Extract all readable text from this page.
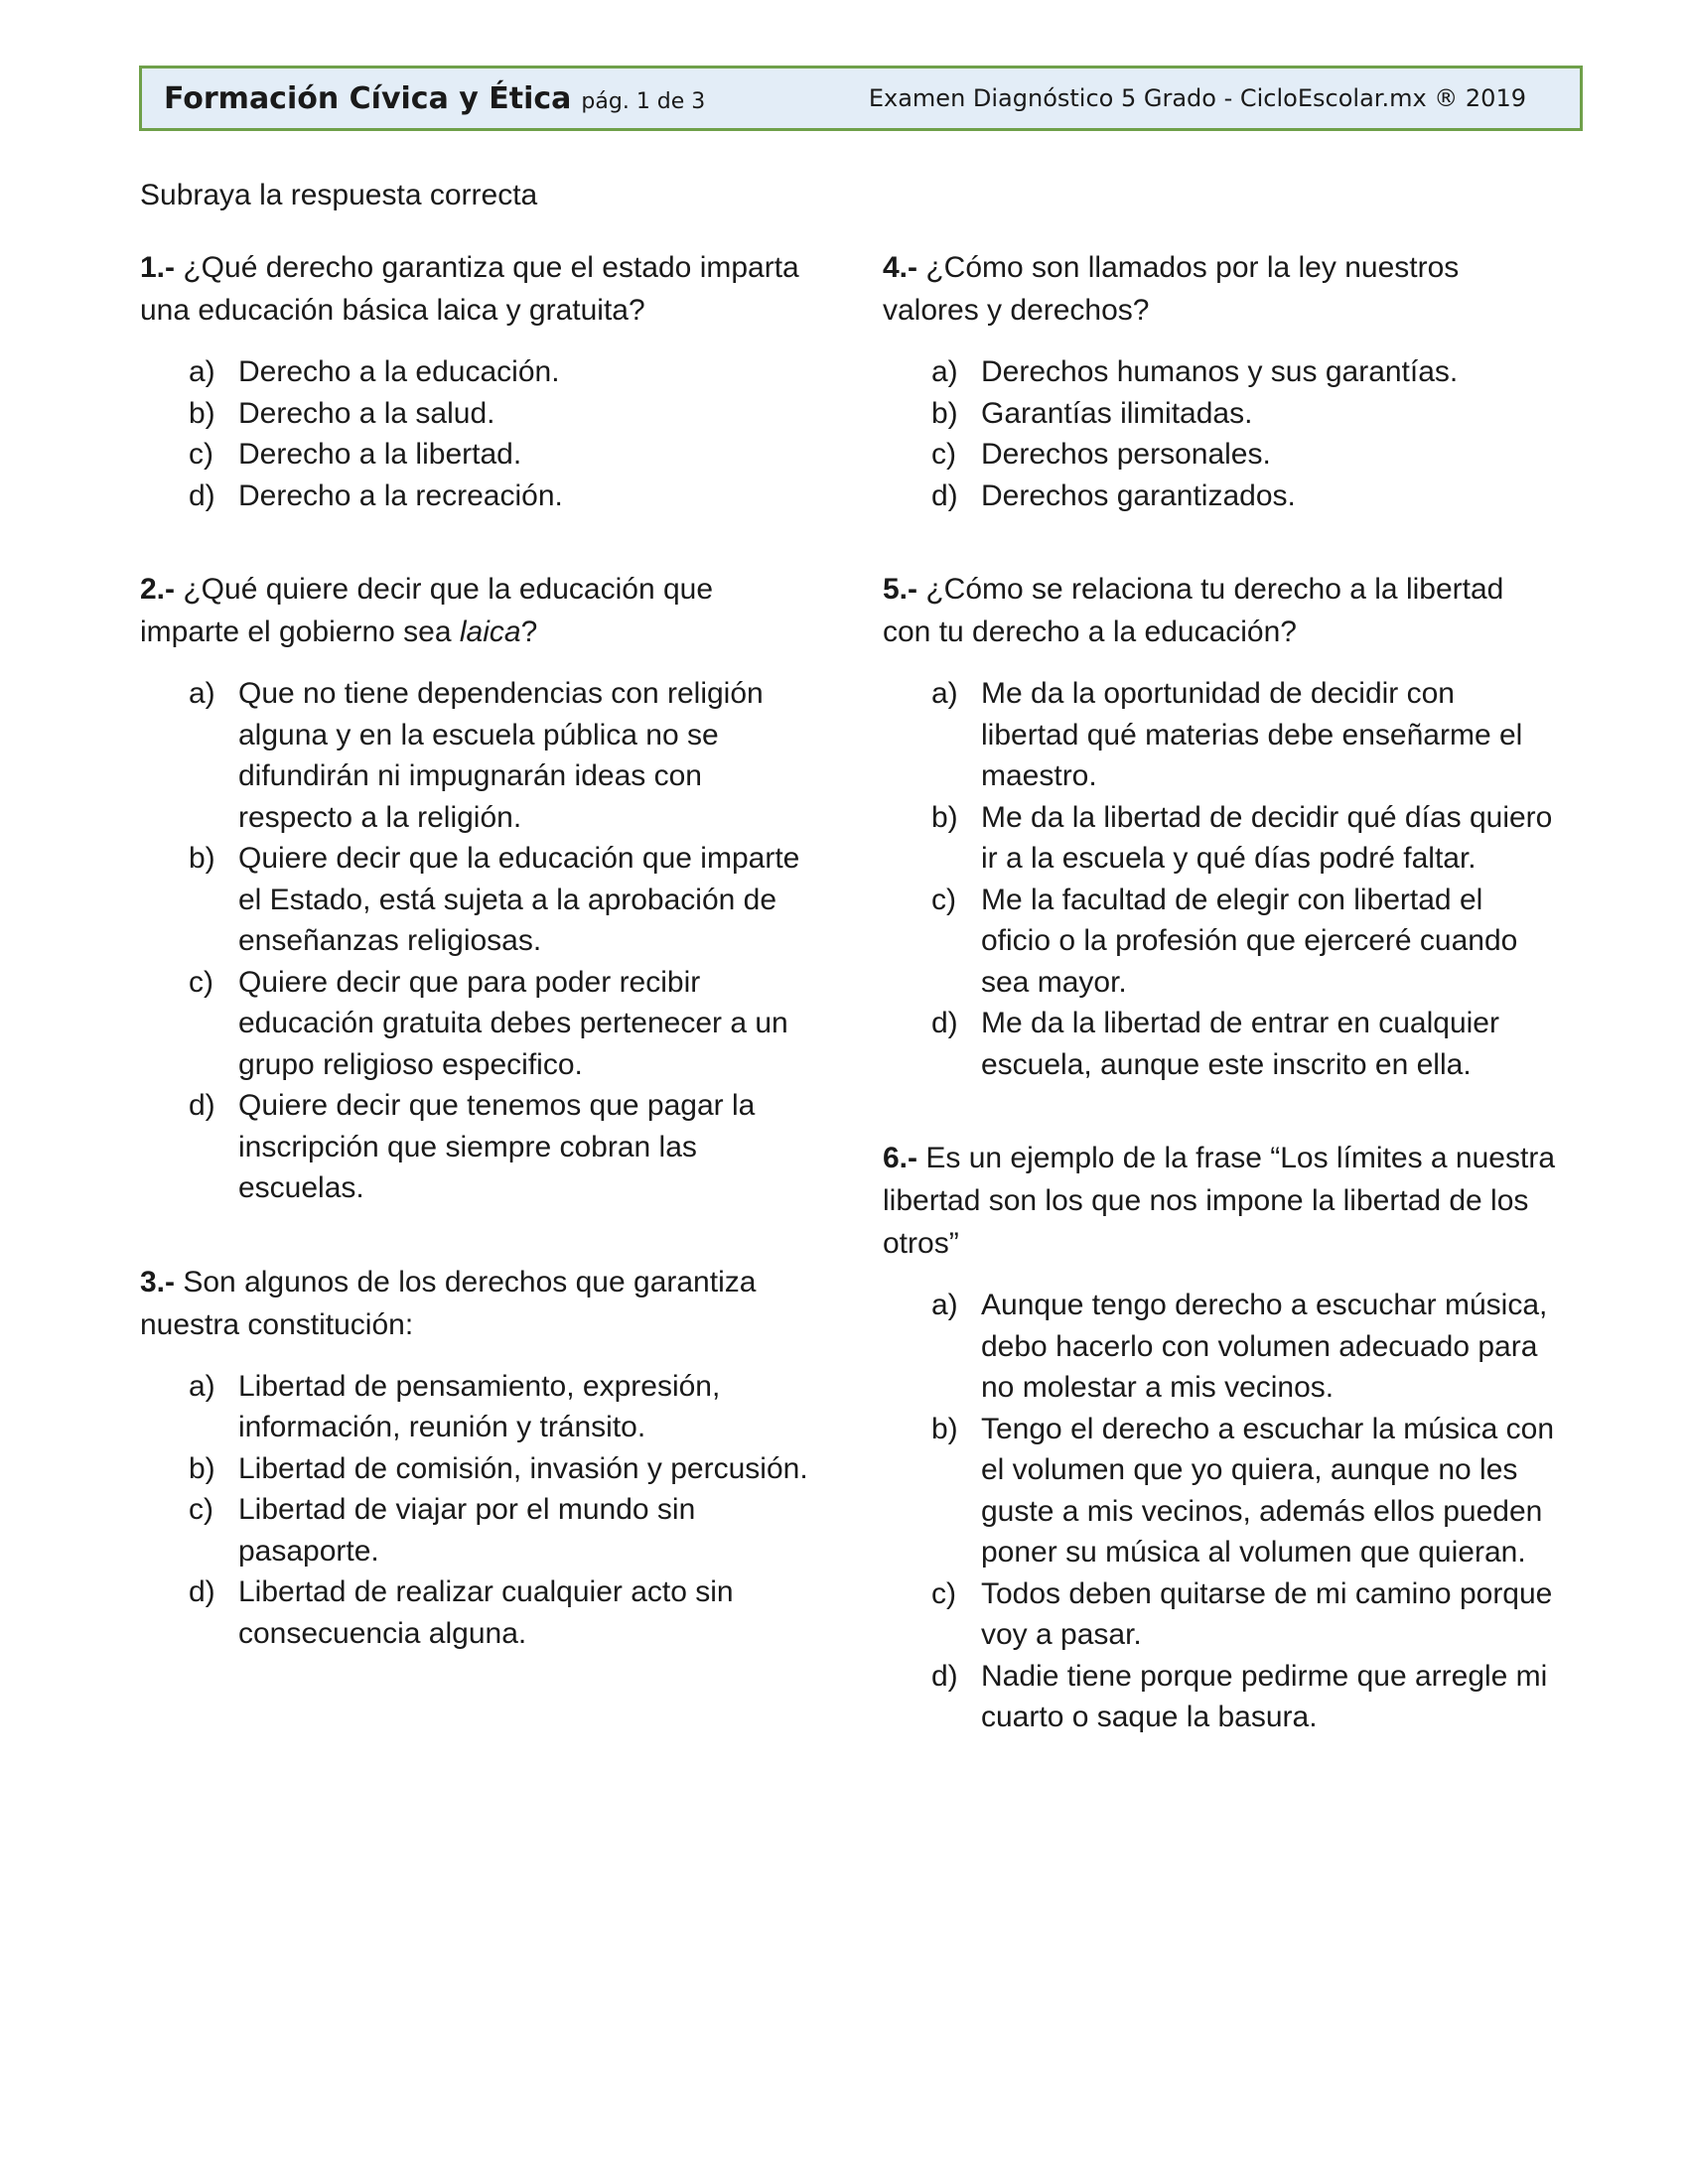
Formación Cívica y Ética pág. 1 de 3	Examen Diagnóstico 5 Grado - CicloEscolar.mx ® 2019

Subraya la respuesta correcta

1.- ¿Qué derecho garantiza que el estado imparta una educación básica laica y gratuita?

a) Derecho a la educación.
b) Derecho a la salud.
c) Derecho a la libertad.
d) Derecho a la recreación.

2.- ¿Qué quiere decir que la educación que imparte el gobierno sea laica?

a) Que no tiene dependencias con religión alguna y en la escuela pública no se difundirán ni impugnarán ideas con respecto a la religión.
b) Quiere decir que la educación que imparte el Estado, está sujeta a la aprobación de enseñanzas religiosas.
c) Quiere decir que para poder recibir educación gratuita debes pertenecer a un grupo religioso especifico.
d) Quiere decir que tenemos que pagar la inscripción que siempre cobran las escuelas.

3.- Son algunos de los derechos que garantiza nuestra constitución:

a) Libertad de pensamiento, expresión, información, reunión y tránsito.
b) Libertad de comisión, invasión y percusión.
c) Libertad de viajar por el mundo sin pasaporte.
d) Libertad de realizar cualquier acto sin consecuencia alguna.

4.- ¿Cómo son llamados por la ley nuestros valores y derechos?

a) Derechos humanos y sus garantías.
b) Garantías ilimitadas.
c) Derechos personales.
d) Derechos garantizados.

5.- ¿Cómo se relaciona tu derecho a la libertad con tu derecho a la educación?

a) Me da la oportunidad de decidir con libertad qué materias debe enseñarme el maestro.
b) Me da la libertad de decidir qué días quiero ir a la escuela y qué días podré faltar.
c) Me la facultad de elegir con libertad el oficio o la profesión que ejerceré cuando sea mayor.
d) Me da la libertad de entrar en cualquier escuela, aunque este inscrito en ella.

6.- Es un ejemplo de la frase “Los límites a nuestra libertad son los que nos impone la libertad de los otros”

a) Aunque tengo derecho a escuchar música, debo hacerlo con volumen adecuado para no molestar a mis vecinos.
b) Tengo el derecho a escuchar la música con el volumen que yo quiera, aunque no les guste a mis vecinos, además ellos pueden poner su música al volumen que quieran.
c) Todos deben quitarse de mi camino porque voy a pasar.
d) Nadie tiene porque pedirme que arregle mi cuarto o saque la basura.
